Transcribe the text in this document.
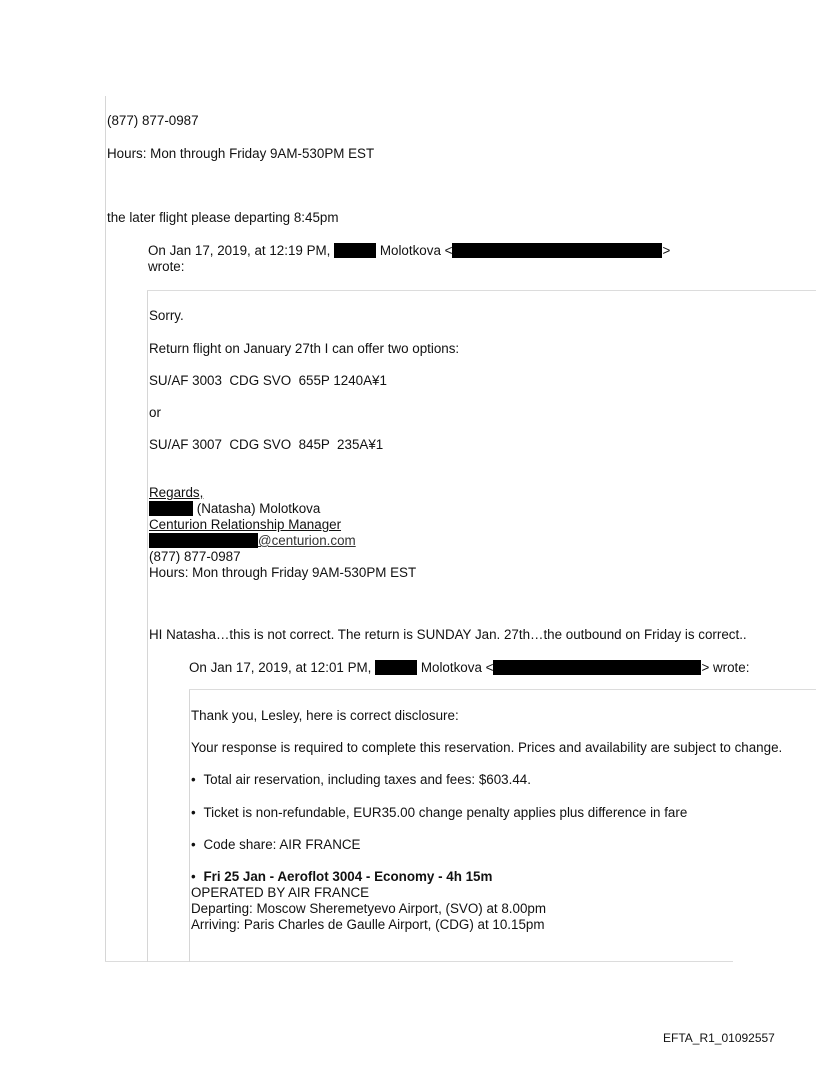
(877) 877-0987
Hours: Mon through Friday 9AM-530PM EST
the later flight please departing 8:45pm
On Jan 17, 2019, at 12:19 PM,	Molotkova <	>
wrote:
Sorry.
Return flight on January 27th I can offer two options:
SU/AF 3003  CDG SVO  655P 1240A¥1
or
SU/AF 3007  CDG SVO  845P  235A¥1
Regards,
(Natasha) Molotkova
Centurion Relationship Manager
@centurion.com
(877) 877-0987
Hours: Mon through Friday 9AM-530PM EST
HI Natasha…this is not correct. The return is SUNDAY Jan. 27th…the outbound on Friday is correct..
On Jan 17, 2019, at 12:01 PM,	Molotkova <	> wrote:
Thank you, Lesley, here is correct disclosure:
Your response is required to complete this reservation. Prices and availability are subject to change.
• Total air reservation, including taxes and fees: $603.44.
• Ticket is non-refundable, EUR35.00 change penalty applies plus difference in fare
• Code share: AIR FRANCE
• Fri 25 Jan - Aeroflot 3004 - Economy - 4h 15m
OPERATED BY AIR FRANCE
Departing: Moscow Sheremetyevo Airport, (SVO) at 8.00pm
Arriving: Paris Charles de Gaulle Airport, (CDG) at 10.15pm
EFTA_R1_01092557
